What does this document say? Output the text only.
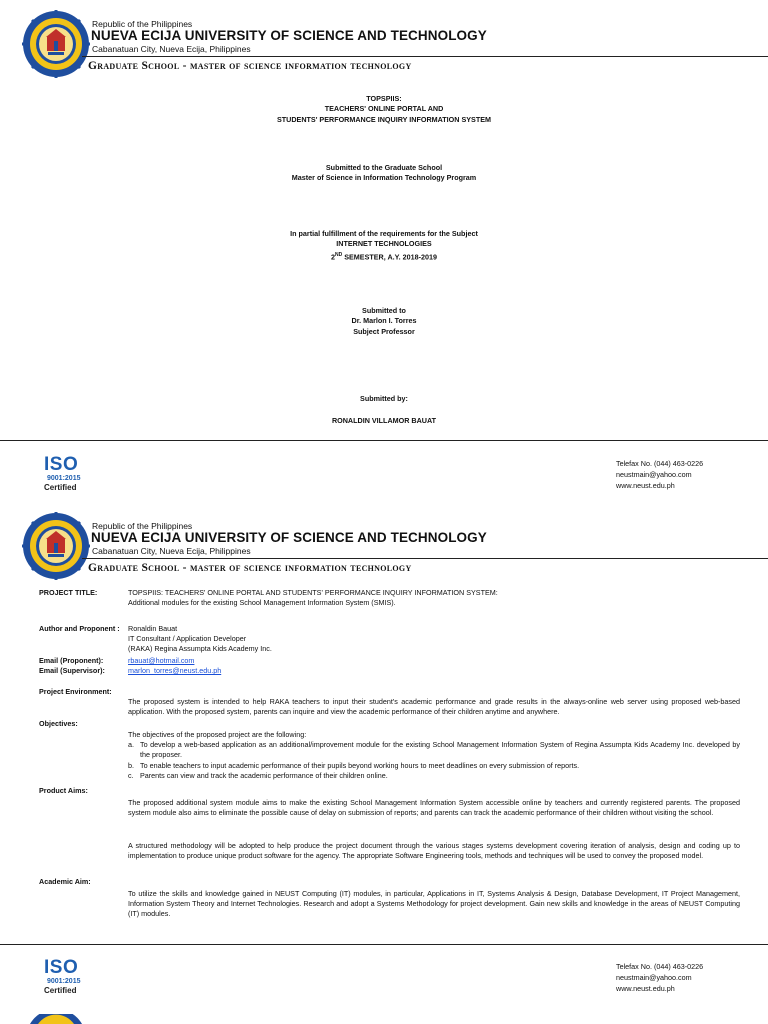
Republic of the Philippines
NUEVA ECIJA UNIVERSITY OF SCIENCE AND TECHNOLOGY
Cabanatuan City, Nueva Ecija, Philippines
Graduate School - master of science information technology
TOPSPIIS:
TEACHERS' ONLINE PORTAL AND
STUDENTS' PERFORMANCE INQUIRY INFORMATION SYSTEM
Submitted to the Graduate School
Master of Science in Information Technology Program
In partial fulfillment of the requirements for the Subject
INTERNET TECHNOLOGIES
2ND SEMESTER, A.Y. 2018-2019
Submitted to
Dr. Marlon I. Torres
Subject Professor
Submitted by:
RONALDIN VILLAMOR BAUAT
ISO
9001:2015
Certified
Telefax No. (044) 463-0226
neustmain@yahoo.com
www.neust.edu.ph
Republic of the Philippines
NUEVA ECIJA UNIVERSITY OF SCIENCE AND TECHNOLOGY
Cabanatuan City, Nueva Ecija, Philippines
Graduate School - master of science information technology
PROJECT TITLE:	TOPSPIIS: TEACHERS' ONLINE PORTAL AND STUDENTS' PERFORMANCE INQUIRY INFORMATION SYSTEM:
Additional modules for the existing School Management Information System (SMIS).
Author and Proponent : Ronaldin Bauat
IT Consultant / Application Developer
(RAKA) Regina Assumpta Kids Academy Inc.
Email (Proponent):	rbauat@hotmail.com
Email (Supervisor):	marlon_torres@neust.edu.ph
Project Environment:
The proposed system is intended to help RAKA teachers to input their student's academic performance and grade results in the always-online web server using proposed web-based application. With the proposed system, parents can inquire and view the academic performance of their children anytime and anywhere.
Objectives:
The objectives of the proposed project are the following:
a. To develop a web-based application as an additional/improvement module for the existing School Management Information System of Regina Assumpta Kids Academy Inc. developed by the proposer.
b. To enable teachers to input academic performance of their pupils beyond working hours to meet deadlines on every submission of reports.
c. Parents can view and track the academic performance of their children online.
Product Aims:
The proposed additional system module aims to make the existing School Management Information System accessible online by teachers and currently registered parents. The proposed system module also aims to eliminate the possible cause of delay on submission of reports; and parents can track the academic performance of their children without visiting the school.
A structured methodology will be adopted to help produce the project document through the various stages systems development covering iteration of analysis, design and coding up to implementation to produce unique product software for the agency. The appropriate Software Engineering tools, methods and techniques will be used to convey the proposed model.
Academic Aim:
To utilize the skills and knowledge gained in NEUST Computing (IT) modules, in particular, Applications in IT, Systems Analysis & Design, Database Development, IT Project Management, Information System Theory and Internet Technologies. Research and adopt a Systems Methodology for project development. Gain new skills and knowledge in the areas of NEUST Computing (IT) modules.
ISO
9001:2015
Certified
Telefax No. (044) 463-0226
neustmain@yahoo.com
www.neust.edu.ph
